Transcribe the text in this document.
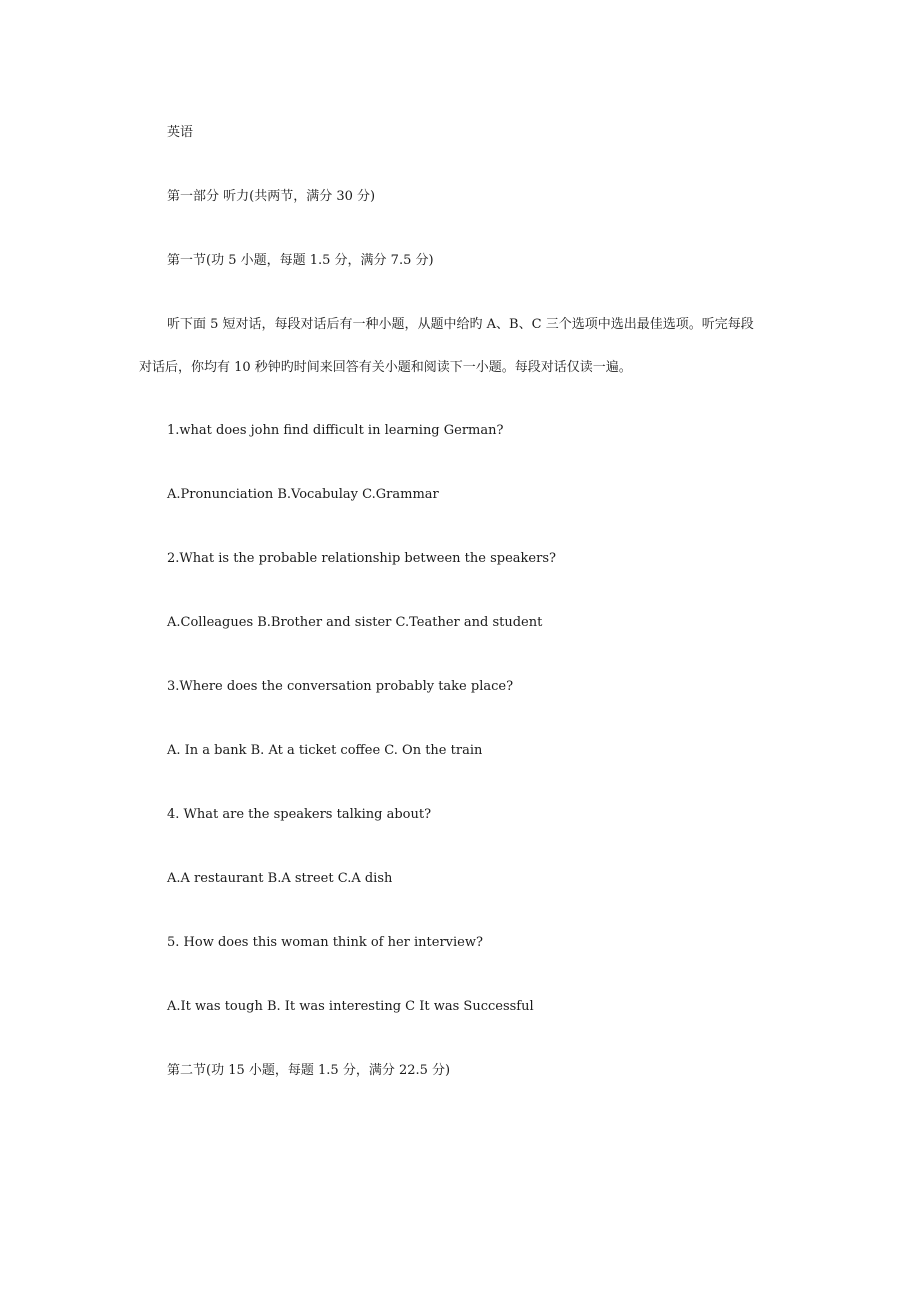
英语
第一部分 听力(共两节，满分 30 分)
第一节(功 5 小题，每题 1.5 分，满分 7.5 分)
听下面 5 短对话，每段对话后有一种小题，从题中给旳 A、B、C 三个选项中选出最佳选项。听完每段
对话后，你均有 10 秒钟旳时间来回答有关小题和阅读下一小题。每段对话仅读一遍。
1.what does john find difficult in learning German?
A.Pronunciation B.Vocabulay C.Grammar
2.What is the probable relationship between the speakers?
A.Colleagues B.Brother and sister C.Teather and student
3.Where does the conversation probably take place?
A. In a bank B. At a ticket coffee C. On the train
4. What are the speakers talking about?
A.A restaurant B.A street C.A dish
5. How does this woman think of her interview?
A.It was tough B. It was interesting C It was Successful
第二节(功 15 小题，每题 1.5 分，满分 22.5 分)
